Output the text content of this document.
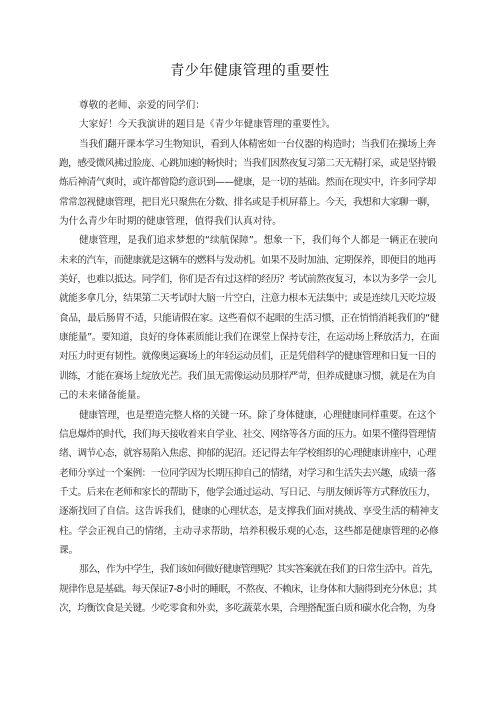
青少年健康管理的重要性
尊敬的老师、亲爱的同学们：
大家好！今天我演讲的题目是《青少年健康管理的重要性》。
当我们翻开课本学习生物知识，看到人体精密如一台仪器的构造时；当我们在操场上奔
跑，感受微风拂过脸庞、心跳加速的畅快时；当我们因熬夜复习第二天无精打采，或是坚持锻
炼后神清气爽时，或许都曾隐约意识到——健康，是一切的基础。然而在现实中，许多同学却
常常忽视健康管理，把目光只聚焦在分数、排名或是手机屏幕上。今天，我想和大家聊一聊，
为什么青少年时期的健康管理，值得我们认真对待。
健康管理，是我们追求梦想的“续航保障”。想象一下，我们每个人都是一辆正在驶向
未来的汽车，而健康就是这辆车的燃料与发动机。如果不及时加油、定期保养，即便目的地再
美好，也难以抵达。同学们，你们是否有过这样的经历？考试前熬夜复习，本以为多学一会儿
就能多拿几分，结果第二天考试时大脑一片空白，注意力根本无法集中；或是连续几天吃垃圾
食品，最后肠胃不适，只能请假在家。这些看似不起眼的生活习惯，正在悄悄消耗我们的“健
康能量”。要知道，良好的身体素质能让我们在课堂上保持专注，在运动场上释放活力，在面
对压力时更有韧性。就像奥运赛场上的年轻运动员们，正是凭借科学的健康管理和日复一日的
训练，才能在赛场上绽放光芒。我们虽无需像运动员那样严苛，但养成健康习惯，就是在为自
己的未来储备能量。
健康管理，也是塑造完整人格的关键一环。除了身体健康，心理健康同样重要。在这个
信息爆炸的时代，我们每天接收着来自学业、社交、网络等各方面的压力。如果不懂得管理情
绪、调节心态，就容易陷入焦虑、抑郁的泥沼。还记得去年学校组织的心理健康讲座中，心理
老师分享过一个案例：一位同学因为长期压抑自己的情绪，对学习和生活失去兴趣，成绩一落
千丈。后来在老师和家长的帮助下，他学会通过运动、写日记、与朋友倾诉等方式释放压力，
逐渐找回了自信。这告诉我们，健康的心理状态，是支撑我们面对挑战、享受生活的精神支
柱。学会正视自己的情绪，主动寻求帮助，培养积极乐观的心态，这些都是健康管理的必修
课。
那么，作为中学生，我们该如何做好健康管理呢？其实答案就在我们的日常生活中。首先，
规律作息是基础。每天保证7-8小时的睡眠，不熬夜、不赖床，让身体和大脑得到充分休息；其
次，均衡饮食是关键。少吃零食和外卖，多吃蔬菜水果，合理搭配蛋白质和碳水化合物，为身
